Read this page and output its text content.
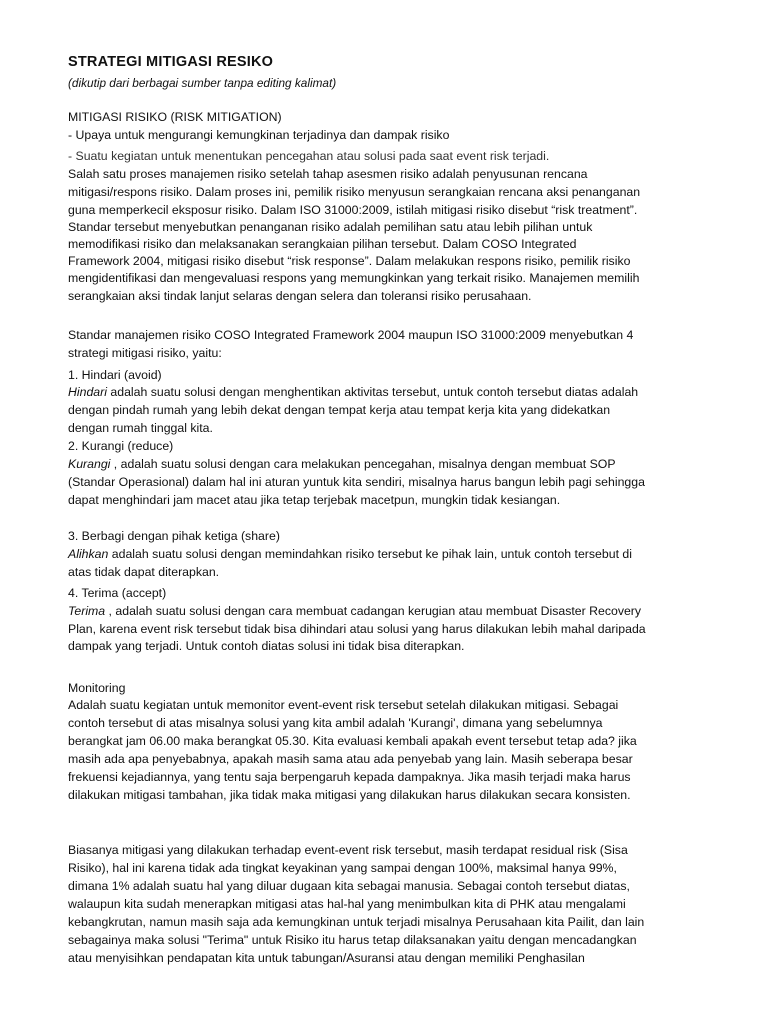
STRATEGI MITIGASI RESIKO
(dikutip dari berbagai sumber tanpa editing kalimat)
MITIGASI RISIKO (RISK MITIGATION)
- Upaya untuk mengurangi kemungkinan terjadinya dan dampak risiko
- Suatu kegiatan untuk menentukan pencegahan atau solusi pada saat event risk terjadi.
Salah satu proses manajemen risiko setelah tahap asesmen risiko adalah penyusunan rencana
mitigasi/respons risiko. Dalam proses ini, pemilik risiko menyusun serangkaian rencana aksi penanganan
guna memperkecil eksposur risiko. Dalam ISO 31000:2009, istilah mitigasi risiko disebut “risk treatment”.
Standar tersebut menyebutkan penanganan risiko adalah pemilihan satu atau lebih pilihan untuk
memodifikasi risiko dan melaksanakan serangkaian pilihan tersebut. Dalam COSO Integrated
Framework 2004, mitigasi risiko disebut “risk response”. Dalam melakukan respons risiko, pemilik risiko
mengidentifikasi dan mengevaluasi respons yang memungkinkan yang terkait risiko. Manajemen memilih
serangkaian aksi tindak lanjut selaras dengan selera dan toleransi risiko perusahaan.
Standar manajemen risiko COSO Integrated Framework 2004 maupun ISO 31000:2009 menyebutkan 4
strategi mitigasi risiko, yaitu:
1. Hindari (avoid)
Hindari adalah suatu solusi dengan menghentikan aktivitas tersebut, untuk contoh tersebut diatas adalah
dengan pindah rumah yang lebih dekat dengan tempat kerja atau tempat kerja kita yang didekatkan
dengan rumah tinggal kita.
2. Kurangi (reduce)
Kurangi , adalah suatu solusi dengan cara melakukan pencegahan, misalnya dengan membuat SOP
(Standar Operasional) dalam hal ini aturan yuntuk kita sendiri, misalnya harus bangun lebih pagi sehingga
dapat menghindari jam macet atau jika tetap terjebak macetpun, mungkin tidak kesiangan.
3. Berbagi dengan pihak ketiga (share)
Alihkan adalah suatu solusi dengan memindahkan risiko tersebut ke pihak lain, untuk contoh tersebut di
atas tidak dapat diterapkan.
4. Terima (accept)
Terima , adalah suatu solusi dengan cara membuat cadangan kerugian atau membuat Disaster Recovery
Plan, karena event risk tersebut tidak bisa dihindari atau solusi yang harus dilakukan lebih mahal daripada
dampak yang terjadi. Untuk contoh diatas solusi ini tidak bisa diterapkan.
Monitoring
Adalah suatu kegiatan untuk memonitor event-event risk tersebut setelah dilakukan mitigasi. Sebagai
contoh tersebut di atas misalnya solusi yang kita ambil adalah 'Kurangi', dimana yang sebelumnya
berangkat jam 06.00 maka berangkat 05.30. Kita evaluasi kembali apakah event tersebut tetap ada? jika
masih ada apa penyebabnya, apakah masih sama atau ada penyebab yang lain. Masih seberapa besar
frekuensi kejadiannya, yang tentu saja berpengaruh kepada dampaknya. Jika masih terjadi maka harus
dilakukan mitigasi tambahan, jika tidak maka mitigasi yang dilakukan harus dilakukan secara konsisten.
Biasanya mitigasi yang dilakukan terhadap event-event risk tersebut, masih terdapat residual risk (Sisa
Risiko), hal ini karena tidak ada tingkat keyakinan yang sampai dengan 100%, maksimal hanya 99%,
dimana 1% adalah suatu hal yang diluar dugaan kita sebagai manusia. Sebagai contoh tersebut diatas,
walaupun kita sudah menerapkan mitigasi atas hal-hal yang menimbulkan kita di PHK atau mengalami
kebangkrutan, namun masih saja ada kemungkinan untuk terjadi misalnya Perusahaan kita Pailit, dan lain
sebagainya maka solusi "Terima" untuk Risiko itu harus tetap dilaksanakan yaitu dengan mencadangkan
atau menyisihkan pendapatan kita untuk tabungan/Asuransi atau dengan memiliki Penghasilan
